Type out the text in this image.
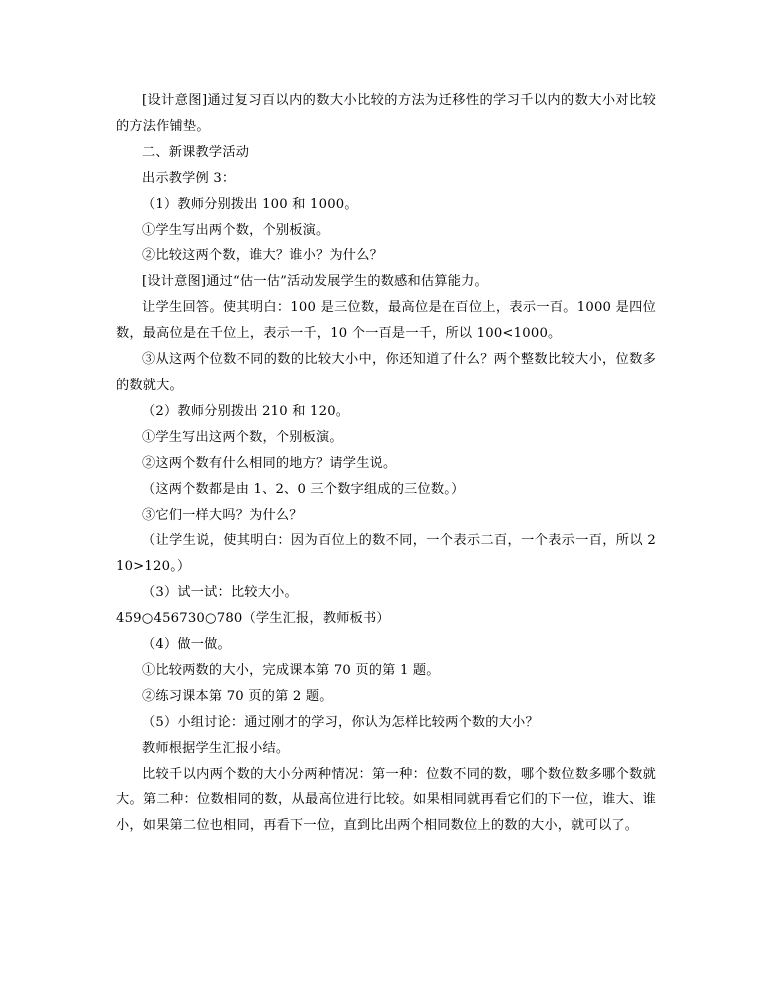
[设计意图]通过复习百以内的数大小比较的方法为迁移性的学习千以内的数大小对比较的方法作铺垫。

二、新课教学活动

出示教学例 3：

（1）教师分别拨出 100 和 1000。

①学生写出两个数，个别板演。

②比较这两个数，谁大？谁小？为什么？

[设计意图]通过“估一估”活动发展学生的数感和估算能力。

让学生回答。使其明白：100 是三位数，最高位是在百位上，表示一百。1000 是四位数，最高位是在千位上，表示一千，10 个一百是一千，所以 100<1000。

③从这两个位数不同的数的比较大小中，你还知道了什么？两个整数比较大小，位数多的数就大。

（2）教师分别拨出 210 和 120。

①学生写出这两个数，个别板演。

②这两个数有什么相同的地方？请学生说。

（这两个数都是由 1、2、0 三个数字组成的三位数。）

③它们一样大吗？为什么？

（让学生说，使其明白：因为百位上的数不同，一个表示二百，一个表示一百，所以 210>120。）

（3）试一试：比较大小。

459○456730○780（学生汇报，教师板书）

（4）做一做。

①比较两数的大小，完成课本第 70 页的第 1 题。

②练习课本第 70 页的第 2 题。

（5）小组讨论：通过刚才的学习，你认为怎样比较两个数的大小？

教师根据学生汇报小结。

比较千以内两个数的大小分两种情况：第一种：位数不同的数，哪个数位数多哪个数就大。第二种：位数相同的数，从最高位进行比较。如果相同就再看它们的下一位，谁大、谁小，如果第二位也相同，再看下一位，直到比出两个相同数位上的数的大小，就可以了。
